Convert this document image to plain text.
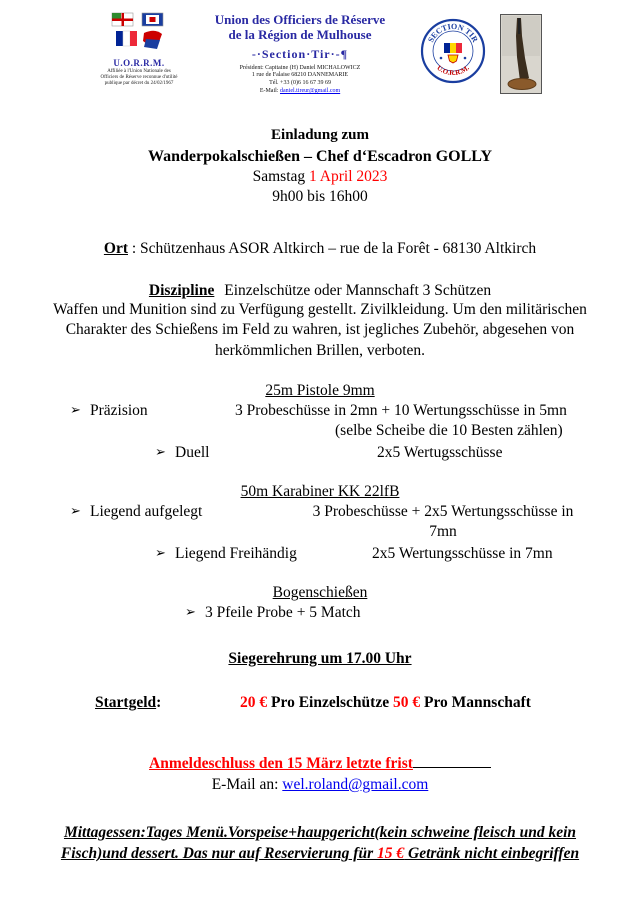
U.O.R.R.M.
Affiliée à l'Union Nationale des Officiers de Réserve reconnue d'utilité publique par décret du 24/02/1967
Union des Officiers de Réserve
de la Région de Mulhouse
-·Section·Tir·-¶
Président: Capitaine (H) Daniel MICHALOWICZ
1 rue de Falaise 68210 DANNEMARIE
Tél. +33 (0)6 16 67 39 69
E-Mail: daniel.tireur@gmail.com
SECTION TIR
U.O.R.R.M.
Einladung zum
Wanderpokalschießen – Chef d‘Escadron GOLLY
Samstag 1 April 2023
9h00 bis 16h00
Ort : Schützenhaus ASOR Altkirch – rue de la Forêt - 68130 Altkirch
Diszipline Einzelschütze oder Mannschaft 3 Schützen
Waffen und Munition sind zu Verfügung gestellt. Zivilkleidung. Um den militärischen Charakter des Schießens im Feld zu wahren, ist jegliches Zubehör, abgesehen von herkömmlichen Brillen, verboten.
25m Pistole 9mm
➢ Präzision	3 Probeschüsse in 2mn + 10 Wertungsschüsse in 5mn
(selbe Scheibe die 10 Besten zählen)
➢ Duell	2x5 Wertugsschüsse
50m Karabiner KK 22lfB
➢ Liegend aufgelegt	3 Probeschüsse + 2x5 Wertungsschüsse in 7mn
➢ Liegend Freihändig	2x5 Wertungsschüsse in 7mn
Bogenschießen
➢ 3 Pfeile Probe + 5 Match
Siegerehrung um 17.00 Uhr
Startgeld:	20 € Pro Einzelschütze 50 € Pro Mannschaft
Anmeldeschluss den 15 März letzte frist
E-Mail an: wel.roland@gmail.com
Mittagessen:Tages Menü.Vorspeise+haupgericht(kein schweine fleisch und kein Fisch)und dessert. Das nur auf Reservierung für 15 € Getränk nicht einbegriffen
